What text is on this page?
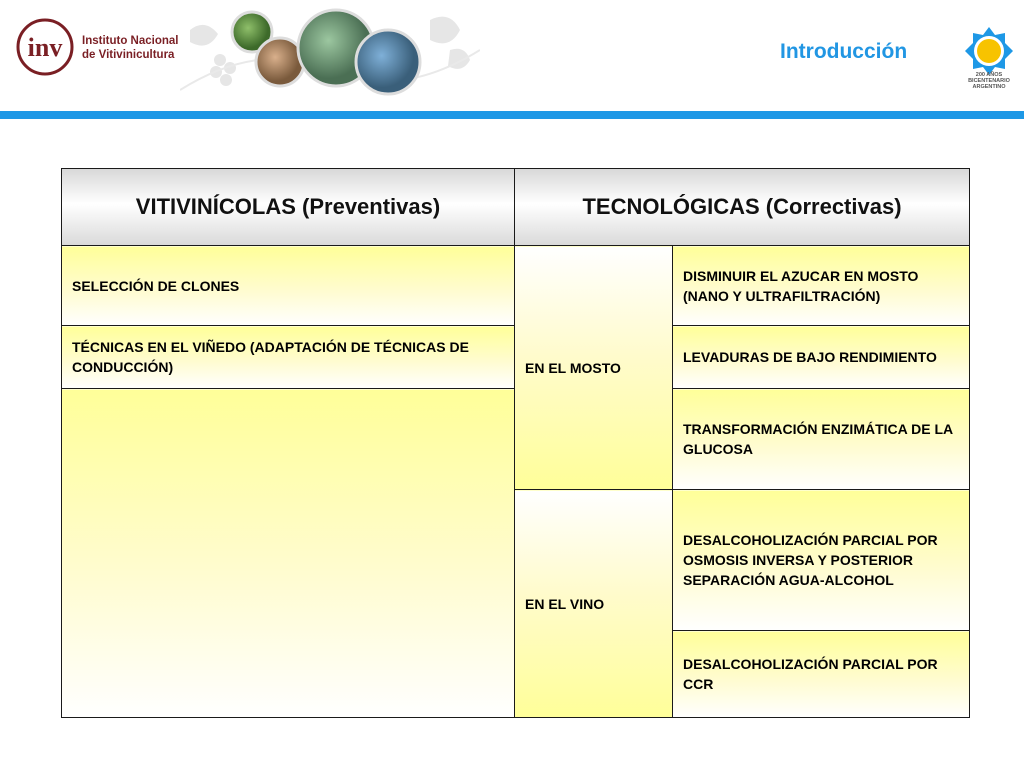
inv Instituto Nacional
de Vitivinicultura	Introducción
200 AÑOS
BICENTENARIO
ARGENTINO
VITIVINÍCOLAS (Preventivas)	TECNOLÓGICAS (Correctivas)	
SELECCIÓN DE CLONES	EN EL MOSTO	DISMINUIR EL AZUCAR EN MOSTO (NANO Y ULTRAFILTRACIÓN)
TÉCNICAS EN EL VIÑEDO (ADAPTACIÓN DE TÉCNICAS DE CONDUCCIÓN)		LEVADURAS DE BAJO RENDIMIENTO
		TRANSFORMACIÓN ENZIMÁTICA DE LA GLUCOSA
	EN EL VINO	DESALCOHOLIZACIÓN PARCIAL POR OSMOSIS INVERSA Y POSTERIOR SEPARACIÓN AGUA-ALCOHOL
		DESALCOHOLIZACIÓN PARCIAL POR CCR
